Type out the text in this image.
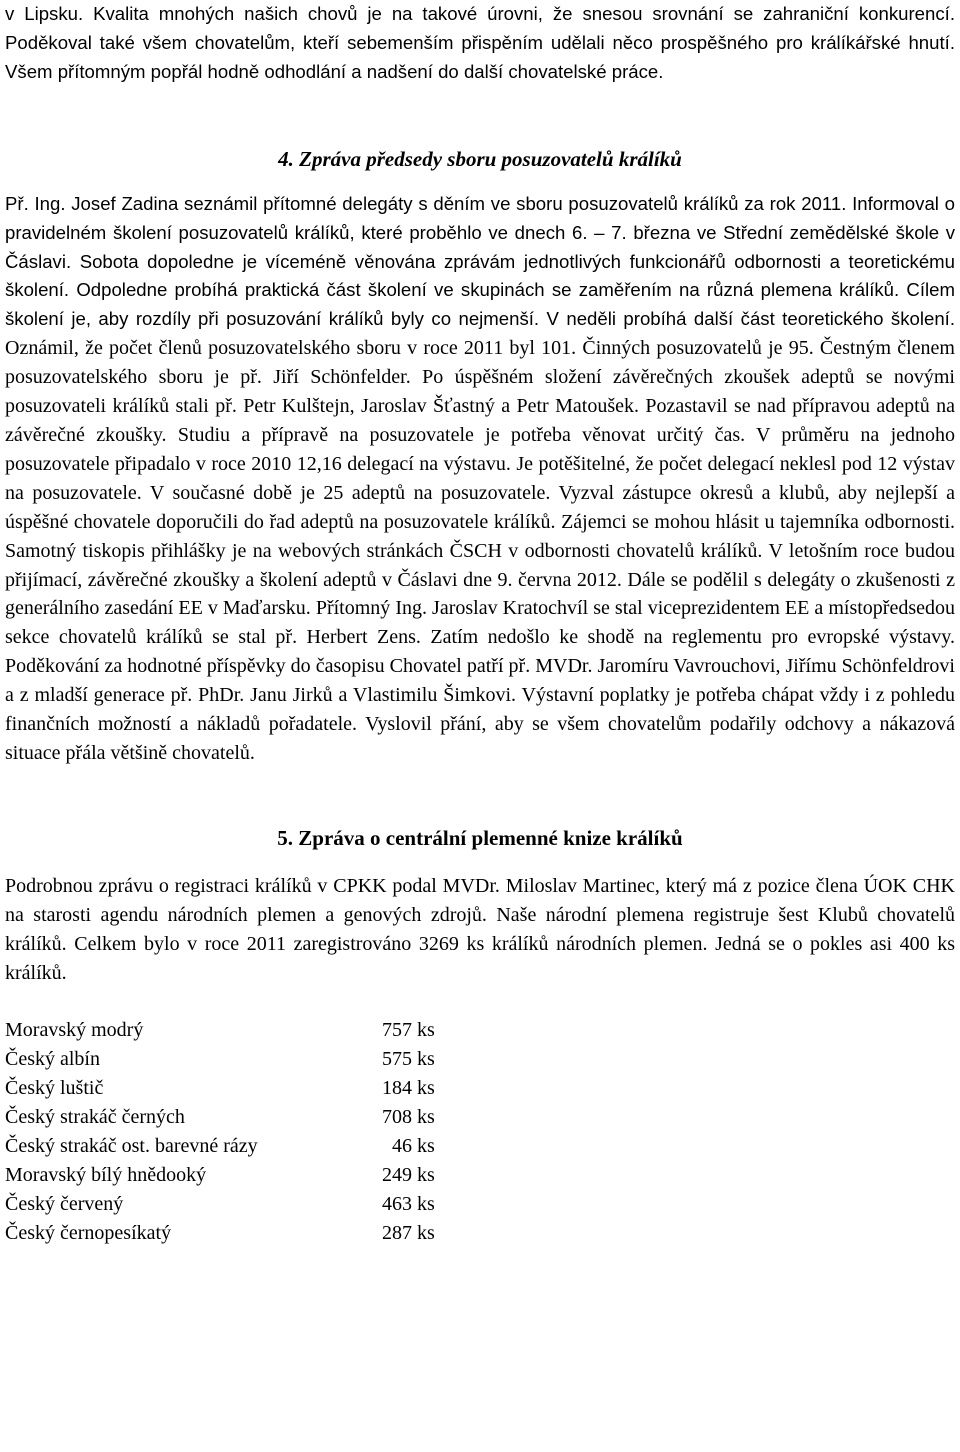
v Lipsku. Kvalita mnohých našich chovů je na takové úrovni, že snesou srovnání se zahraniční konkurencí. Poděkoval také všem chovatelům, kteří sebemenším přispěním udělali něco prospěšného pro králíkářské hnutí. Všem přítomným popřál hodně odhodlání a nadšení do další chovatelské práce.

4. Zpráva předsedy sboru posuzovatelů králíků

Př. Ing. Josef Zadina seznámil přítomné delegáty s děním ve sboru posuzovatelů králíků za rok 2011. Informoval o pravidelném školení posuzovatelů králíků, které proběhlo ve dnech 6. – 7. března ve Střední zemědělské škole v Čáslavi. Sobota dopoledne je víceméně věnována zprávám jednotlivých funkcionářů odbornosti a teoretickému školení. Odpoledne probíhá praktická část školení ve skupinách se zaměřením na různá plemena králíků. Cílem školení je, aby rozdíly při posuzování králíků byly co nejmenší. V neděli probíhá další část teoretického školení. Oznámil, že počet členů posuzovatelského sboru v roce 2011 byl 101. Činných posuzovatelů je 95. Čestným členem posuzovatelského sboru je př. Jiří Schönfelder. Po úspěšném složení závěrečných zkoušek adeptů se novými posuzovateli králíků stali př. Petr Kulštejn, Jaroslav Šťastný a Petr Matoušek. Pozastavil se nad přípravou adeptů na závěrečné zkoušky. Studiu a přípravě na posuzovatele je potřeba věnovat určitý čas. V průměru na jednoho posuzovatele připadalo v roce 2010 12,16 delegací na výstavu. Je potěšitelné, že počet delegací neklesl pod 12 výstav na posuzovatele. V současné době je 25 adeptů na posuzovatele. Vyzval zástupce okresů a klubů, aby nejlepší a úspěšné chovatele doporučili do řad adeptů na posuzovatele králíků. Zájemci se mohou hlásit u tajemníka odbornosti. Samotný tiskopis přihlášky je na webových stránkách ČSCH v odbornosti chovatelů králíků. V letošním roce budou přijímací, závěrečné zkoušky a školení adeptů v Čáslavi dne 9. června 2012. Dále se podělil s delegáty o zkušenosti z generálního zasedání EE v Maďarsku. Přítomný Ing. Jaroslav Kratochvíl se stal viceprezidentem EE a místopředsedou sekce chovatelů králíků se stal př. Herbert Zens. Zatím nedošlo ke shodě na reglementu pro evropské výstavy. Poděkování za hodnotné příspěvky do časopisu Chovatel patří př. MVDr. Jaromíru Vavrouchovi, Jiřímu Schönfeldrovi a z mladší generace př. PhDr. Janu Jirků a Vlastimilu Šimkovi. Výstavní poplatky je potřeba chápat vždy i z pohledu finančních možností a nákladů pořadatele. Vyslovil přání, aby se všem chovatelům podařily odchovy a nákazová situace přála většině chovatelů.

5. Zpráva o centrální plemenné knize králíků

Podrobnou zprávu o registraci králíků v CPKK podal MVDr. Miloslav Martinec, který má z pozice člena ÚOK CHK na starosti agendu národních plemen a genových zdrojů. Naše národní plemena registruje šest Klubů chovatelů králíků. Celkem bylo v roce 2011 zaregistrováno 3269 ks králíků národních plemen. Jedná se o pokles asi 400 ks králíků.

Moravský modrý	757 ks
Český albín	575 ks
Český luštič	184 ks
Český strakáč černých	708 ks
Český strakáč ost. barevné rázy	46 ks
Moravský bílý hnědooký	249 ks
Český červený	463 ks
Český černopesíkatý	287 ks
